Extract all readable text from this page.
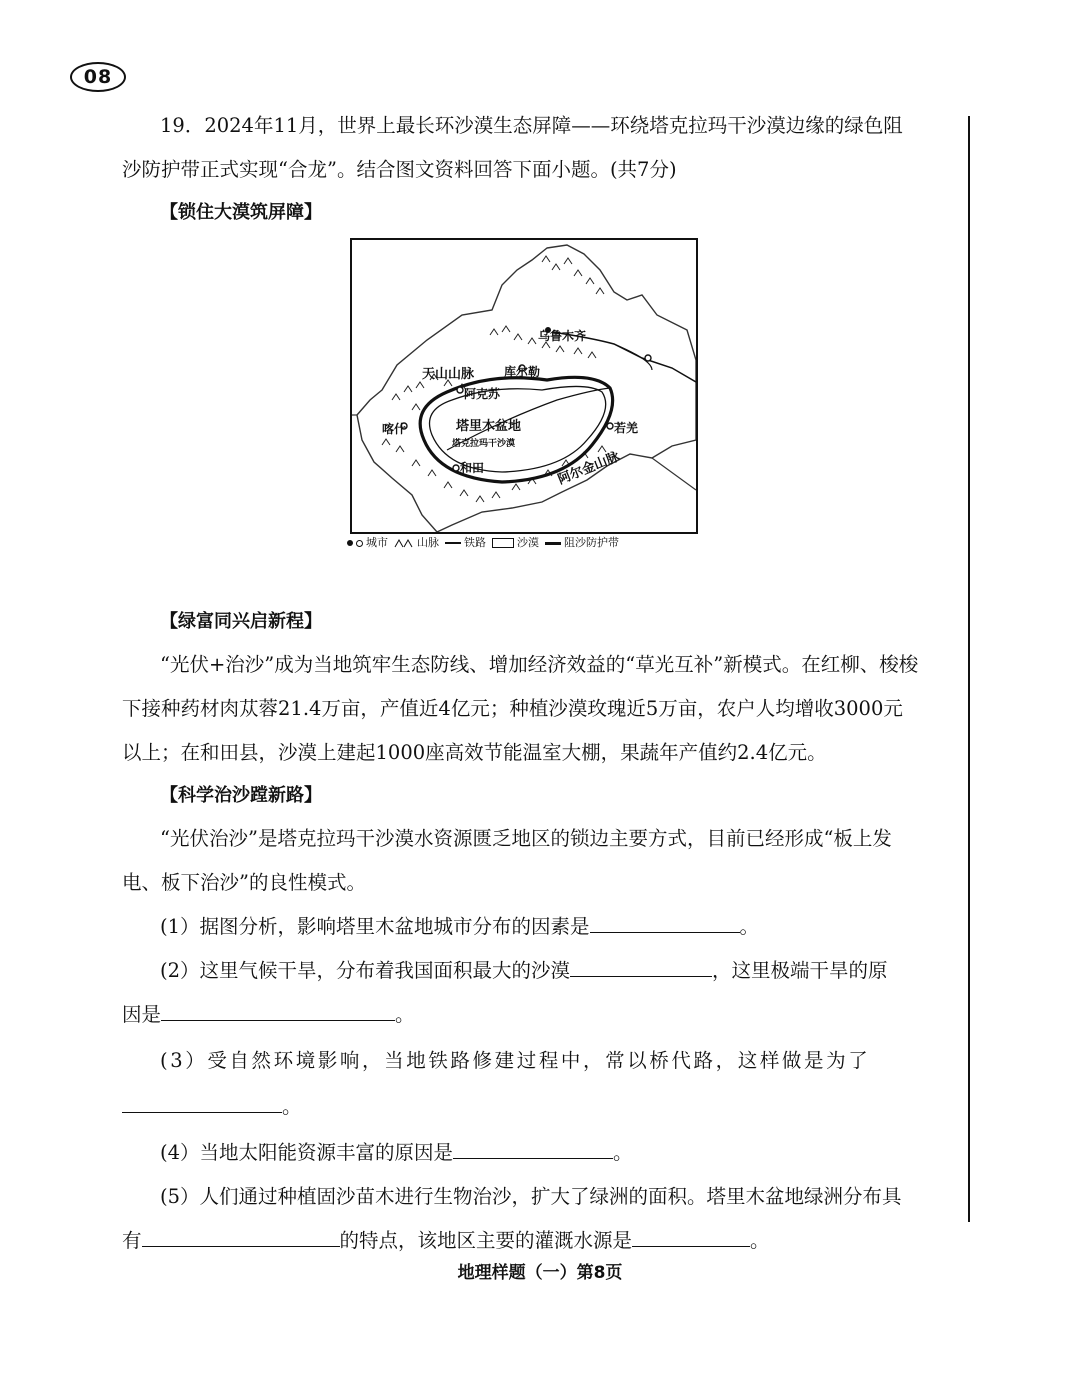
08

19．2024年11月，世界上最长环沙漠生态屏障——环绕塔克拉玛干沙漠边缘的绿色阻沙防护带正式实现“合龙”。结合图文资料回答下面小题。(共7分)

【锁住大漠筑屏障】

乌鲁木齐
天山山脉 库尔勒
阿克苏
喀什	塔里木盆地
塔克拉玛干沙漠
和田
若羌
阿尔金山脉
城市	山脉 铁路	沙漠 阻沙防护带

【绿富同兴启新程】

“光伏+治沙”成为当地筑牢生态防线、增加经济效益的“草光互补”新模式。在红柳、梭梭下接种药材肉苁蓉21.4万亩，产值近4亿元；种植沙漠玫瑰近5万亩，农户人均增收3000元以上；在和田县，沙漠上建起1000座高效节能温室大棚，果蔬年产值约2.4亿元。

【科学治沙蹚新路】

“光伏治沙”是塔克拉玛干沙漠水资源匮乏地区的锁边主要方式，目前已经形成“板上发电、板下治沙”的良性模式。

(1）据图分析，影响塔里木盆地城市分布的因素是	。

(2）这里气候干旱，分布着我国面积最大的沙漠	，这里极端干旱的原

因是	。

(3）受自然环境影响，当地铁路修建过程中，常以桥代路，这样做是为了

。

(4）当地太阳能资源丰富的原因是	。

(5）人们通过种植固沙苗木进行生物治沙，扩大了绿洲的面积。塔里木盆地绿洲分布具

有	的特点，该地区主要的灌溉水源是	。

地理样题（一）第8页
